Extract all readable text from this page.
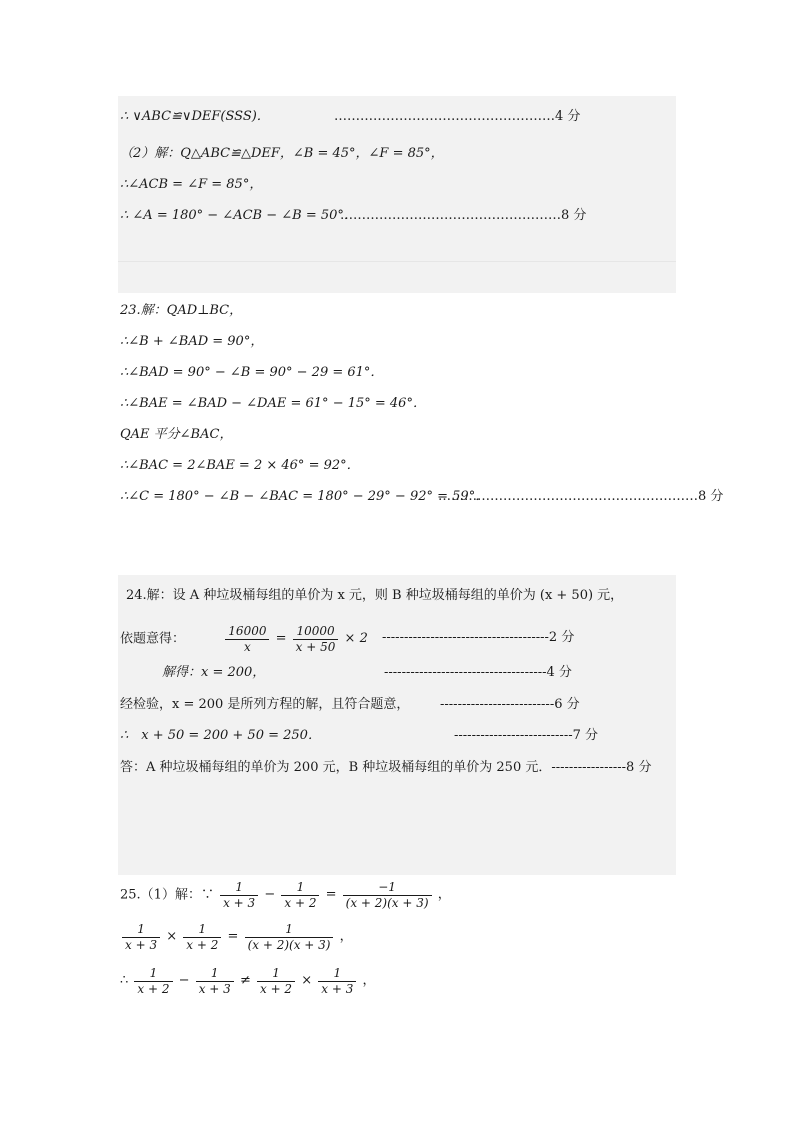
∴ ∨ABC≌∨DEF(SSS)．	……………………………………………4 分
（2）解：Q△ABC≌△DEF，∠B = 45°，∠F = 85°，
∴∠ACB = ∠F = 85°，
∴ ∠A = 180° − ∠ACB − ∠B = 50°．
……………………………………………8 分
23.解：QAD⊥BC，
∴∠B + ∠BAD = 90°，
∴∠BAD = 90° − ∠B = 90° − 29 = 61°．
∴∠BAE = ∠BAD − ∠DAE = 61° − 15° = 46°．
QAE 平分∠BAC，
∴∠BAC = 2∠BAE = 2 × 46° = 92°．
∴∠C = 180° − ∠B − ∠BAC = 180° − 29° − 92° = 59°．
……………………………………………………8 分
24.解：设 A 种垃圾桶每组的单价为 x 元，则 B 种垃圾桶每组的单价为 (x + 50) 元，
依题意得：	$\frac{16000}{x} = \frac{10000}{x + 50} \times 2$ --------------------------------------2 分
解得：x = 200，	-------------------------------------4 分
经检验，x = 200 是所列方程的解，且符合题意， --------------------------6 分
∴　x + 50 = 200 + 50 = 250．	---------------------------7 分
答：A 种垃圾桶每组的单价为 200 元，B 种垃圾桶每组的单价为 250 元．-----------------8 分
25.（1）解：∵ $\frac{1}{x + 3} - \frac{1}{x + 2} = \frac{-1}{(x + 2)(x + 3)}$ ，
$\frac{1}{x + 3} \times \frac{1}{x + 2} = \frac{1}{(x + 2)(x + 3)}$ ，
∴ $\frac{1}{x + 2} - \frac{1}{x + 3} \ne \frac{1}{x + 2} \times \frac{1}{x + 3}$ ，
